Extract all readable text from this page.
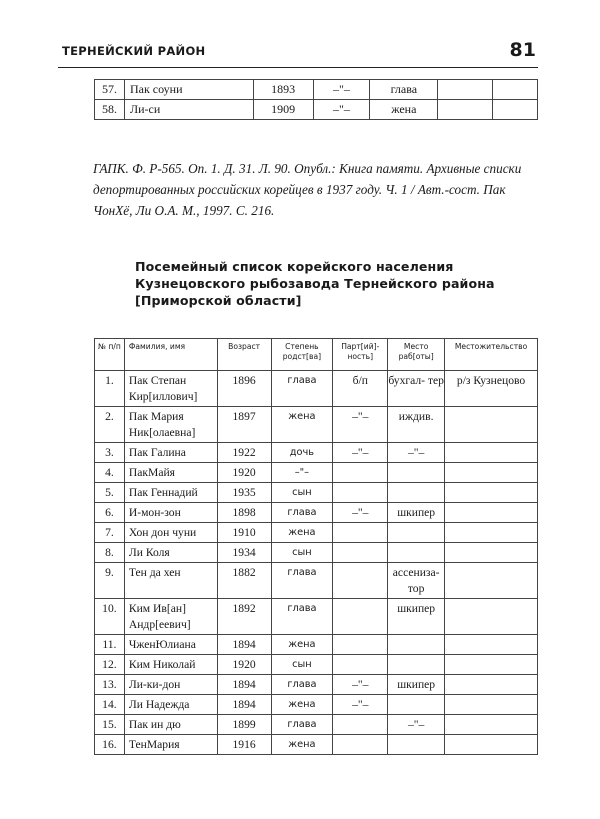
ТЕРНЕЙСКИЙ РАЙОН	81
57.	Пак соуни	1893	–"–	глава		
58.	Ли-си	1909	–"–	жена		

ГАПК. Ф. Р-565. Оп. 1. Д. 31. Л. 90. Опубл.: Книга памяти. Архивные списки депортированных российских корейцев в 1937 году. Ч. 1 / Авт.-сост. Пак ЧонХё, Ли О.А. М., 1997. С. 216.

Посемейный список корейского населения Кузнецовского рыбозавода Тернейского района [Приморской области]
№ п/п	Фамилия, имя	Возраст	Степень родст[ва]	Парт[ий]-ность]	Место раб[оты]	Местожительство
1.	Пак Степан Кир[иллович]	1896	глава	б/п	бухгал- тер	р/з Кузнецово
2.	Пак Мария Ник[олаевна]	1897	жена	–"–	иждив.	
3.	Пак Галина	1922	дочь	–"–	–"–	
4.	ПакМайя	1920	–"–			
5.	Пак Геннадий	1935	сын			
6.	И-мон-зон	1898	глава	–"–	шкипер	
7.	Хон дон чуни	1910	жена			
8.	Ли Коля	1934	сын			
9.	Тен да хен	1882	глава		ассениза- тор	
10.	Ким Ив[ан] Андр[еевич]	1892	глава		шкипер	
11.	ЧженЮлиана	1894	жена			
12.	Ким Николай	1920	сын			
13.	Ли-ки-дон	1894	глава	–"–	шкипер	
14.	Ли Надежда	1894	жена	–"–		
15.	Пак ин дю	1899	глава		–"–	
16.	ТенМария	1916	жена			
